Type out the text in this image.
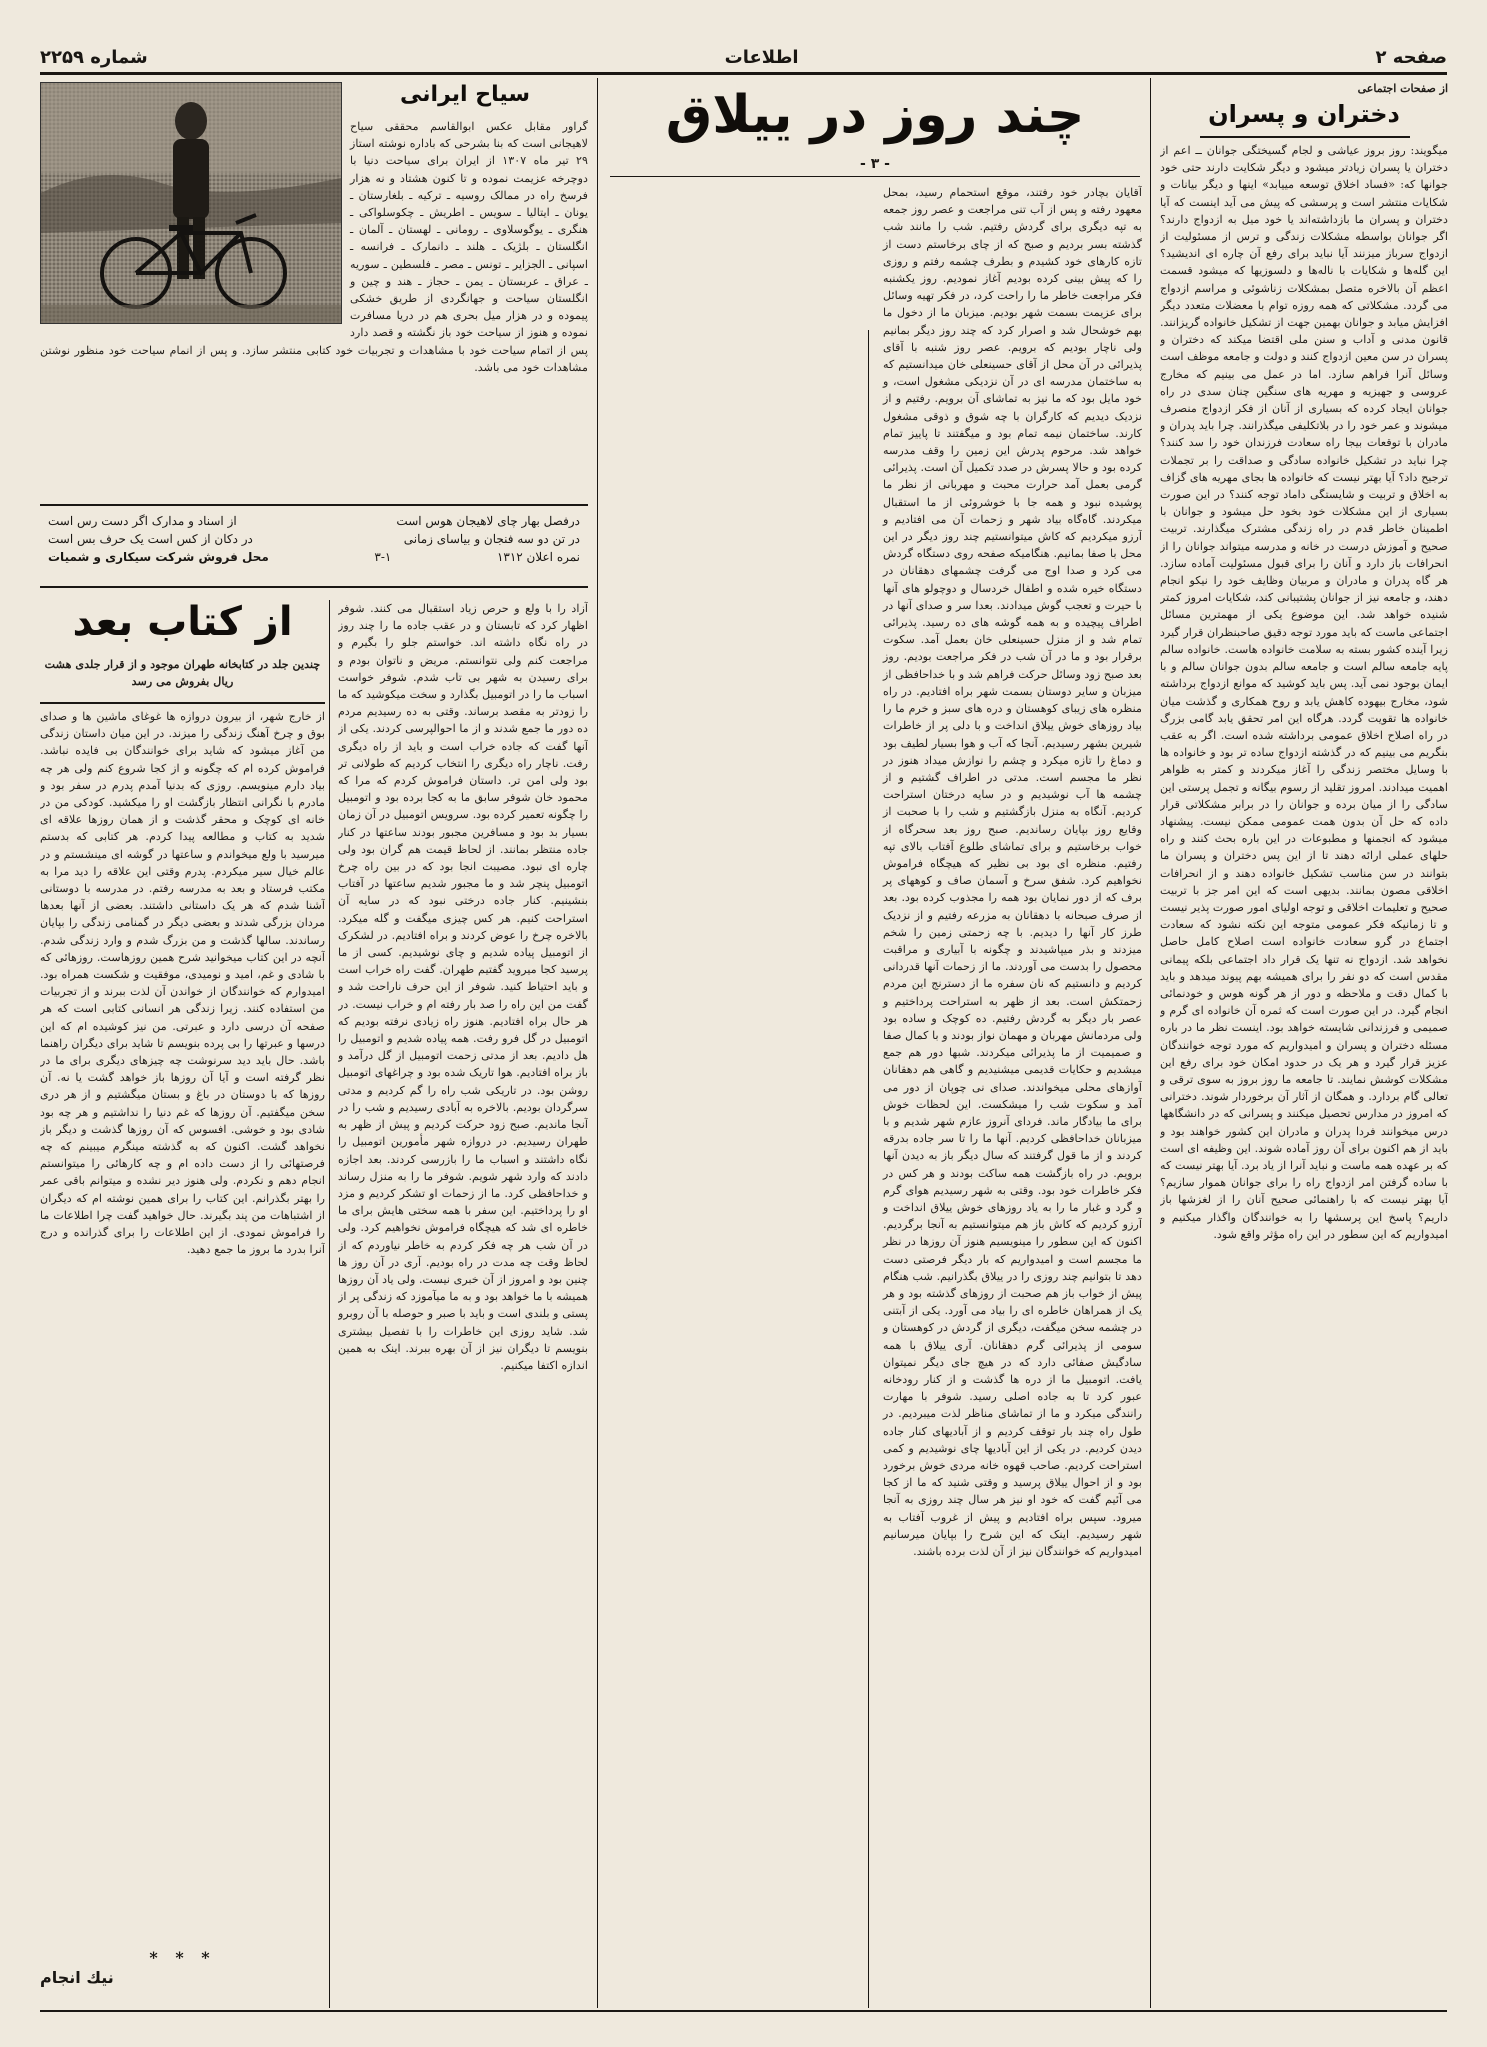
صفحه ۲
اطلاعات
شماره ۲۲۵۹
از صفحات اجتماعی
دختران و پسران

میگویند: روز بروز عیاشی و لجام گسیختگی جوانان ــ اعم از دختران یا پسران زیادتر میشود و دیگر شکایت دارند حتی خود جوانها که: «فساد اخلاق توسعه مییابد» اینها و دیگر بیانات و شکایات منتشر است و پرسشی که پیش می آید اینست که آیا دختران و پسران ما بازداشته‌اند یا خود میل به ازدواج دارند؟ اگر جوانان بواسطه مشکلات زندگی و ترس از مسئولیت از ازدواج سرباز میزنند آیا نباید برای رفع آن چاره ای اندیشید؟ این گله‌ها و شکایات با ناله‌ها و دلسوزیها که میشود قسمت اعظم آن بالاخره متصل بمشکلات زناشوئی و مراسم ازدواج می گردد. مشکلاتی که همه روزه توام با معضلات متعدد دیگر افزایش میابد و جوانان بهمین جهت از تشکیل خانواده گریزانند. قانون مدنی و آداب و سنن ملی اقتضا میکند که دختران و پسران در سن معین ازدواج کنند و دولت و جامعه موظف است وسائل آنرا فراهم سازد. اما در عمل می بینیم که مخارج عروسی و جهیزیه و مهریه های سنگین چنان سدی در راه جوانان ایجاد کرده که بسیاری از آنان از فکر ازدواج منصرف میشوند و عمر خود را در بلاتکلیفی میگذرانند. چرا باید پدران و مادران با توقعات بیجا راه سعادت فرزندان خود را سد کنند؟ چرا نباید در تشکیل خانواده سادگی و صداقت را بر تجملات ترجیح داد؟ آیا بهتر نیست که خانواده ها بجای مهریه های گزاف به اخلاق و تربیت و شایستگی داماد توجه کنند؟ در این صورت بسیاری از این مشکلات خود بخود حل میشود و جوانان با اطمینان خاطر قدم در راه زندگی مشترک میگذارند. تربیت صحیح و آموزش درست در خانه و مدرسه میتواند جوانان را از انحرافات باز دارد و آنان را برای قبول مسئولیت آماده سازد. هر گاه پدران و مادران و مربیان وظایف خود را نیکو انجام دهند، و جامعه نیز از جوانان پشتیبانی کند، شکایات امروز کمتر شنیده خواهد شد. این موضوع یکی از مهمترین مسائل اجتماعی ماست که باید مورد توجه دقیق صاحبنظران قرار گیرد زیرا آینده کشور بسته به سلامت خانواده هاست. خانواده سالم پایه جامعه سالم است و جامعه سالم بدون جوانان سالم و با ایمان بوجود نمی آید. پس باید کوشید که موانع ازدواج برداشته شود، مخارج بیهوده کاهش یابد و روح همکاری و گذشت میان خانواده ها تقویت گردد. هرگاه این امر تحقق یابد گامی بزرگ در راه اصلاح اخلاق عمومی برداشته شده است. اگر به عقب بنگریم می بینیم که در گذشته ازدواج ساده تر بود و خانواده ها با وسایل مختصر زندگی را آغاز میکردند و کمتر به ظواهر اهمیت میدادند. امروز تقلید از رسوم بیگانه و تجمل پرستی این سادگی را از میان برده و جوانان را در برابر مشکلاتی قرار داده که حل آن بدون همت عمومی ممکن نیست. پیشنهاد میشود که انجمنها و مطبوعات در این باره بحث کنند و راه حلهای عملی ارائه دهند تا از این پس دختران و پسران ما بتوانند در سن مناسب تشکیل خانواده دهند و از انحرافات اخلاقی مصون بمانند. بدیهی است که این امر جز با تربیت صحیح و تعلیمات اخلاقی و توجه اولیای امور صورت پذیر نیست و تا زمانیکه فکر عمومی متوجه این نکته نشود که سعادت اجتماع در گرو سعادت خانواده است اصلاح کامل حاصل نخواهد شد. ازدواج نه تنها یک قرار داد اجتماعی بلکه پیمانی مقدس است که دو نفر را برای همیشه بهم پیوند میدهد و باید با کمال دقت و ملاحظه و دور از هر گونه هوس و خودنمائی انجام گیرد. در این صورت است که ثمره آن خانواده ای گرم و صمیمی و فرزندانی شایسته خواهد بود. اینست نظر ما در باره مسئله دختران و پسران و امیدواریم که مورد توجه خوانندگان عزیز قرار گیرد و هر یک در حدود امکان خود برای رفع این مشکلات کوشش نمایند. تا جامعه ما روز بروز به سوی ترقی و تعالی گام بردارد. و همگان از آثار آن برخوردار شوند. دخترانی که امروز در مدارس تحصیل میکنند و پسرانی که در دانشگاهها درس میخوانند فردا پدران و مادران این کشور خواهند بود و باید از هم اکنون برای آن روز آماده شوند. این وظیفه ای است که بر عهده همه ماست و نباید آنرا از یاد برد. آیا بهتر نیست که با ساده گرفتن امر ازدواج راه را برای جوانان هموار سازیم؟ آیا بهتر نیست که با راهنمائی صحیح آنان را از لغزشها باز داریم؟ پاسخ این پرسشها را به خوانندگان واگذار میکنیم و امیدواریم که این سطور در این راه مؤثر واقع شود.

چند روز در ییلاق
- ۳ -

آقایان بچادر خود رفتند، موقع استحمام رسید، بمحل معهود رفته و پس از آب تنی مراجعت و عصر روز جمعه به تپه دیگری برای گردش رفتیم. شب را مانند شب گذشته بسر بردیم و صبح که از چای برخاستم دست از تازه کارهای خود کشیدم و بطرف چشمه رفتم و روزی را که پیش بینی کرده بودیم آغاز نمودیم. روز یکشنبه فکر مراجعت خاطر ما را راحت کرد، در فکر تهیه وسائل برای عزیمت بسمت شهر بودیم. میزبان ما از دخول ما بهم خوشحال شد و اصرار کرد که چند روز دیگر بمانیم ولی ناچار بودیم که برویم. عصر روز شنبه با آقای پذیرائی در آن محل از آقای حسینعلی خان میدانستیم که به ساختمان مدرسه ای در آن نزدیکی مشغول است، و خود مایل بود که ما نیز به تماشای آن برویم. رفتیم و از نزدیک دیدیم که کارگران با چه شوق و ذوقی مشغول کارند. ساختمان نیمه تمام بود و میگفتند تا پاییز تمام خواهد شد. مرحوم پدرش این زمین را وقف مدرسه کرده بود و حالا پسرش در صدد تکمیل آن است. پذیرائی گرمی بعمل آمد حرارت محبت و مهربانی از نظر ما پوشیده نبود و همه جا با خوشروئی از ما استقبال میکردند. گاه‌گاه بیاد شهر و زحمات آن می افتادیم و آرزو میکردیم که کاش میتوانستیم چند روز دیگر در این محل با صفا بمانیم. هنگامیکه صفحه روی دستگاه گردش می کرد و صدا اوج می گرفت چشمهای دهقانان در دستگاه خیره شده و اطفال خردسال و دوچولو های آنها با حیرت و تعجب گوش میدادند. بعدا سر و صدای آنها در اطراف پیچیده و به همه گوشه های ده رسید. پذیرائی تمام شد و از منزل حسینعلی خان بعمل آمد. سکوت برقرار بود و ما در آن شب در فکر مراجعت بودیم. روز بعد صبح زود وسائل حرکت فراهم شد و با خداحافظی از میزبان و سایر دوستان بسمت شهر براه افتادیم. در راه منظره های زیبای کوهستان و دره های سبز و خرم ما را بیاد روزهای خوش ییلاق انداخت و با دلی پر از خاطرات شیرین بشهر رسیدیم. آنجا که آب و هوا بسیار لطیف بود و دماغ را تازه میکرد و چشم را نوازش میداد هنوز در نظر ما مجسم است. مدتی در اطراف گشتیم و از چشمه ها آب نوشیدیم و در سایه درختان استراحت کردیم. آنگاه به منزل بازگشتیم و شب را با صحبت از وقایع روز بپایان رساندیم. صبح روز بعد سحرگاه از خواب برخاستیم و برای تماشای طلوع آفتاب بالای تپه رفتیم. منظره ای بود بی نظیر که هیچگاه فراموش نخواهیم کرد. شفق سرخ و آسمان صاف و کوههای پر برف که از دور نمایان بود همه را مجذوب کرده بود. بعد از صرف صبحانه با دهقانان به مزرعه رفتیم و از نزدیک طرز کار آنها را دیدیم. با چه زحمتی زمین را شخم میزدند و بذر میپاشیدند و چگونه با آبیاری و مراقبت محصول را بدست می آوردند. ما از زحمات آنها قدردانی کردیم و دانستیم که نان سفره ما از دسترنج این مردم زحمتکش است. بعد از ظهر به استراحت پرداختیم و عصر بار دیگر به گردش رفتیم. ده کوچک و ساده بود ولی مردمانش مهربان و مهمان نواز بودند و با کمال صفا و صمیمیت از ما پذیرائی میکردند. شبها دور هم جمع میشدیم و حکایات قدیمی میشنیدیم و گاهی هم دهقانان آوازهای محلی میخواندند. صدای نی چوپان از دور می آمد و سکوت شب را میشکست. این لحظات خوش برای ما بیادگار ماند. فردای آنروز عازم شهر شدیم و با میزبانان خداحافظی کردیم. آنها ما را تا سر جاده بدرقه کردند و از ما قول گرفتند که سال دیگر باز به دیدن آنها برویم. در راه بازگشت همه ساکت بودند و هر کس در فکر خاطرات خود بود. وقتی به شهر رسیدیم هوای گرم و گرد و غبار ما را به یاد روزهای خوش ییلاق انداخت و آرزو کردیم که کاش باز هم میتوانستیم به آنجا برگردیم. اکنون که این سطور را مینویسیم هنوز آن روزها در نظر ما مجسم است و امیدواریم که بار دیگر فرصتی دست دهد تا بتوانیم چند روزی را در ییلاق بگذرانیم. شب هنگام پیش از خواب باز هم صحبت از روزهای گذشته بود و هر یک از همراهان خاطره ای را بیاد می آورد. یکی از آبتنی در چشمه سخن میگفت، دیگری از گردش در کوهستان و سومی از پذیرائی گرم دهقانان. آری ییلاق با همه سادگیش صفائی دارد که در هیچ جای دیگر نمیتوان یافت. اتومبیل ما از دره ها گذشت و از کنار رودخانه عبور کرد تا به جاده اصلی رسید. شوفر با مهارت رانندگی میکرد و ما از تماشای مناظر لذت میبردیم. در طول راه چند بار توقف کردیم و از آبادیهای کنار جاده دیدن کردیم. در یکی از این آبادیها چای نوشیدیم و کمی استراحت کردیم. صاحب قهوه خانه مردی خوش برخورد بود و از احوال ییلاق پرسید و وقتی شنید که ما از کجا می آئیم گفت که خود او نیز هر سال چند روزی به آنجا میرود. سپس براه افتادیم و پیش از غروب آفتاب به شهر رسیدیم. اینک که این شرح را بپایان میرسانیم امیدواریم که خوانندگان نیز از آن لذت برده باشند.

سیاح ایرانی

گراور مقابل عکس ابوالقاسم محققی سیاح لاهیجانی است که بنا بشرحی که باداره نوشته استاز ۲۹ تیر ماه ۱۳۰۷ از ایران برای سیاحت دنیا با دوچرخه عزیمت نموده و تا کنون هشتاد و نه هزار فرسخ راه در ممالک روسیه ـ ترکیه ـ بلغارستان ـ یونان ـ ایتالیا ـ سویس ـ اطریش ـ چکوسلواکی ـ هنگری ـ یوگوسلاوی ـ رومانی ـ لهستان ـ آلمان ـ انگلستان ـ بلژیک ـ هلند ـ دانمارک ـ فرانسه ـ اسپانی ـ الجزایر ـ تونس ـ مصر ـ فلسطین ـ سوریه ـ عراق ـ عربستان ـ یمن ـ حجاز ـ هند و چین و انگلستان سیاحت و جهانگردی از طریق خشکی پیموده و در هزار میل بحری هم در دریا مسافرت نموده و هنوز از سیاحت خود باز نگشته و قصد دارد پس از اتمام سیاحت خود با مشاهدات و تجربیات خود کتابی منتشر سازد. و پس از انمام سیاحت خود منظور نوشتن مشاهدات خود می باشد.

درفصل بهار چای لاهیجان هوس است
از اسناد و مدارک اگر دست رس است
در تن دو سه فنجان و بیاسای زمانی
در دکان از کس است یک حرف بس است
نمره‌ اعلان ۱۳۱۲
۳-۱
محل فروش شرکت سیکاری و شمیات
از کتاب بعد
چندین جلد در کتابخانه طهران موجود و از قرار جلدی هشت ریال بفروش می رسد

از خارج شهر، از بیرون دروازه ها غوغای ماشین ها و صدای بوق و چرخ آهنگ زندگی را میزند. در این میان داستان زندگی من آغاز میشود که شاید برای خوانندگان بی فایده نباشد. فراموش کرده ام که چگونه و از کجا شروع کنم ولی هر چه بیاد دارم مینویسم. روزی که بدنیا آمدم پدرم در سفر بود و مادرم با نگرانی انتظار بازگشت او را میکشید. کودکی من در خانه ای کوچک و محقر گذشت و از همان روزها علاقه ای شدید به کتاب و مطالعه پیدا کردم. هر کتابی که بدستم میرسید با ولع میخواندم و ساعتها در گوشه ای مینشستم و در عالم خیال سیر میکردم. پدرم وقتی این علاقه را دید مرا به مکتب فرستاد و بعد به مدرسه رفتم. در مدرسه با دوستانی آشنا شدم که هر یک داستانی داشتند. بعضی از آنها بعدها مردان بزرگی شدند و بعضی دیگر در گمنامی زندگی را بپایان رساندند. سالها گذشت و من بزرگ شدم و وارد زندگی شدم. آنچه در این کتاب میخوانید شرح همین روزهاست. روزهائی که با شادی و غم، امید و نومیدی، موفقیت و شکست همراه بود. امیدوارم که خوانندگان از خواندن آن لذت ببرند و از تجربیات من استفاده کنند. زیرا زندگی هر انسانی کتابی است که هر صفحه آن درسی دارد و عبرتی. من نیز کوشیده ام که این درسها و عبرتها را بی پرده بنویسم تا شاید برای دیگران راهنما باشد. حال باید دید سرنوشت چه چیزهای دیگری برای ما در نظر گرفته است و آیا آن روزها باز خواهد گشت یا نه. آن روزها که با دوستان در باغ و بستان میگشتیم و از هر دری سخن میگفتیم. آن روزها که غم دنیا را نداشتیم و هر چه بود شادی بود و خوشی. افسوس که آن روزها گذشت و دیگر باز نخواهد گشت. اکنون که به گذشته مینگرم میبینم که چه فرصتهائی را از دست داده ام و چه کارهائی را میتوانستم انجام دهم و نکردم. ولی هنوز دیر نشده و میتوانم باقی عمر را بهتر بگذرانم. این کتاب را برای همین نوشته ام که دیگران از اشتباهات من پند بگیرند. حال خواهید گفت چرا اطلاعات ما را فراموش نمودی. از این اطلاعات را برای گذرانده و درج آنرا بدرد ما بروز ما جمع دهید.

* * *
نیك انجام

آزاد را با ولع و حرص زیاد استقبال می کنند. شوفر اظهار کرد که تابستان و در عقب جاده ما را چند روز در راه نگاه داشته اند. خواستم جلو را بگیرم و مراجعت کنم ولی نتوانستم. مریض و ناتوان بودم و برای رسیدن به شهر بی تاب شدم. شوفر خواست اسباب ما را در اتومبیل بگذارد و سخت میکوشید که ما را زودتر به مقصد برساند. وقتی به ده رسیدیم مردم ده دور ما جمع شدند و از ما احوالپرسی کردند. یکی از آنها گفت که جاده خراب است و باید از راه دیگری رفت. ناچار راه دیگری را انتخاب کردیم که طولانی تر بود ولی امن تر. داستان فراموش کردم که مرا که محمود خان شوفر سابق ما به کجا برده بود و اتومبیل را چگونه تعمیر کرده بود. سرویس اتومبیل در آن زمان بسیار بد بود و مسافرین مجبور بودند ساعتها در کنار جاده منتظر بمانند. از لحاظ قیمت هم گران بود ولی چاره ای نبود. مصیبت انجا بود که در بین راه چرخ اتومبیل پنچر شد و ما مجبور شدیم ساعتها در آفتاب بنشینیم. کنار جاده درختی نبود که در سایه آن استراحت کنیم. هر کس چیزی میگفت و گله میکرد. بالاخره چرخ را عوض کردند و براه افتادیم. در لشکرک از اتومبیل پیاده شدیم و چای نوشیدیم. کسی از ما پرسید کجا میروید گفتیم طهران. گفت راه خراب است و باید احتیاط کنید. شوفر از این حرف ناراحت شد و گفت من این راه را صد بار رفته ام و خراب نیست. در هر حال براه افتادیم. هنوز راه زیادی نرفته بودیم که اتومبیل در گل فرو رفت. همه پیاده شدیم و اتومبیل را هل دادیم. بعد از مدتی زحمت اتومبیل از گل درآمد و باز براه افتادیم. هوا تاریک شده بود و چراغهای اتومبیل روشن بود. در تاریکی شب راه را گم کردیم و مدتی سرگردان بودیم. بالاخره به آبادی رسیدیم و شب را در آنجا ماندیم. صبح زود حرکت کردیم و پیش از ظهر به طهران رسیدیم. در دروازه شهر مأمورین اتومبیل را نگاه داشتند و اسباب ما را بازرسی کردند. بعد اجازه دادند که وارد شهر شویم. شوفر ما را به منزل رساند و خداحافظی کرد. ما از زحمات او تشکر کردیم و مزد او را پرداختیم. این سفر با همه سختی هایش برای ما خاطره ای شد که هیچگاه فراموش نخواهیم کرد. ولی در آن شب هر چه فکر کردم به خاطر نیاوردم که از لحاظ وقت چه مدت در راه بودیم. آری در آن روز ها چنین بود و امروز از آن خبری نیست. ولی یاد آن روزها همیشه با ما خواهد بود و به ما میآموزد که زندگی پر از پستی و بلندی است و باید با صبر و حوصله با آن روبرو شد. شاید روزی این خاطرات را با تفصیل بیشتری بنویسم تا دیگران نیز از آن بهره ببرند. اینک به همین اندازه اکتفا میکنیم.
